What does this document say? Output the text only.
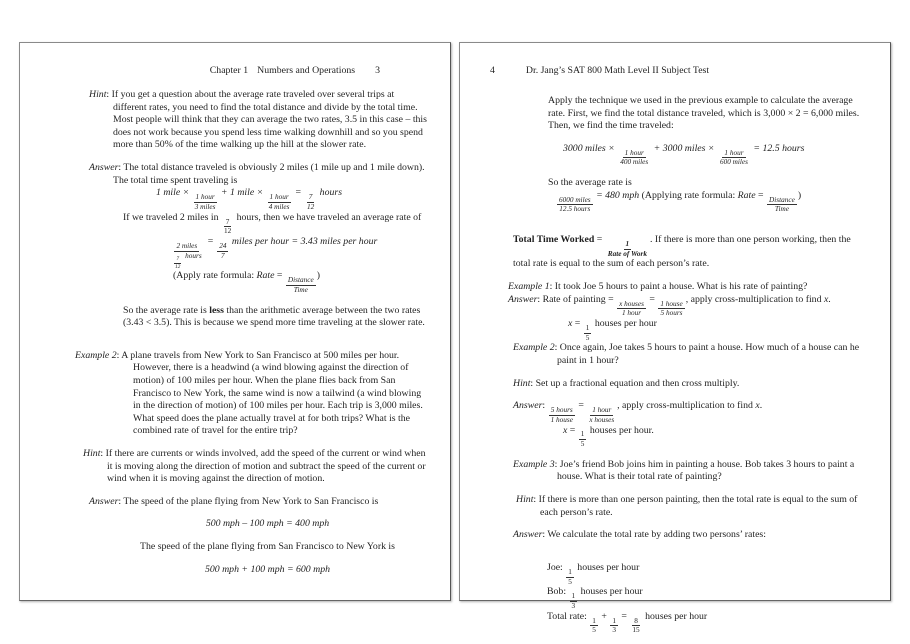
Chapter 1 Numbers and Operations 3
Hint: If you get a question about the average rate traveled over several trips at different rates, you need to find the total distance and divide by the total time. Most people will think that they can average the two rates, 3.5 in this case – this does not work because you spend less time walking downhill and so you spend more than 50% of the time walking up the hill at the slower rate.
Answer: The total distance traveled is obviously 2 miles (1 mile up and 1 mile down). The total time spent traveling is
1 mile ×
$\frac{\text{1 hour}}{\text{3 miles}}$
+ 1 mile ×
$\frac{\text{1 hour}}{\text{4 miles}}$
=
$\frac{7}{12}$
hours
If we traveled 2 miles in
$\frac{7}{12}$
hours, then we have traveled an average rate of
2 miles
$\frac{7}{12}$
hours
=
$\frac{24}{7}$
miles per hour = 3.43 miles per hour
(Apply rate formula: Rate =
$\frac{\text{Distance}}{\text{Time}}$
)
So the average rate is less than the arithmetic average between the two rates (3.43 < 3.5). This is because we spend more time traveling at the slower rate.
Example 2: A plane travels from New York to San Francisco at 500 miles per hour. However, there is a headwind (a wind blowing against the direction of motion) of 100 miles per hour. When the plane flies back from San Francisco to New York, the same wind is now a tailwind (a wind blowing in the direction of motion) of 100 miles per hour. Each trip is 3,000 miles. What speed does the plane actually travel at for both trips? What is the combined rate of travel for the entire trip?
Hint: If there are currents or winds involved, add the speed of the current or wind when it is moving along the direction of motion and subtract the speed of the current or wind when it is moving against the direction of motion.
Answer: The speed of the plane flying from New York to San Francisco is
500 mph – 100 mph = 400 mph
The speed of the plane flying from San Francisco to New York is
500 mph + 100 mph = 600 mph
4	Dr. Jang’s SAT 800 Math Level II Subject Test
Apply the technique we used in the previous example to calculate the average rate. First, we find the total distance traveled, which is 3,000 × 2 = 6,000 miles. Then, we find the time traveled:
3000 miles ×
$\frac{\text{1 hour}}{\text{400 miles}}$
+ 3000 miles ×
$\frac{\text{1 hour}}{\text{600 miles}}$
= 12.5 hours
So the average rate is
$\frac{\text{6000 miles}}{\text{12.5 hours}}$
= 480 mph (Applying rate formula: Rate =
$\frac{\text{Distance}}{\text{Time}}$
)
Total Time Worked =
$\frac{1}{\text{Rate of Work}}$
. If there is more than one person working, then the total rate is equal to the sum of each person’s rate.
Example 1: It took Joe 5 hours to paint a house. What is his rate of painting?
Answer: Rate of painting =
$\frac{\text{x houses}}{\text{1 hour}}$
=
$\frac{\text{1 house}}{\text{5 hours}}$
, apply cross-multiplication to find x.
x =
$\frac{1}{5}$
houses per hour
Example 2: Once again, Joe takes 5 hours to paint a house. How much of a house can he paint in 1 hour?
Hint: Set up a fractional equation and then cross multiply.
Answer:
$\frac{\text{5 hours}}{\text{1 house}}$
=
$\frac{\text{1 hour}}{\text{x houses}}$
, apply cross-multiplication to find x.
x =
$\frac{1}{5}$
houses per hour.
Example 3: Joe’s friend Bob joins him in painting a house. Bob takes 3 hours to paint a house. What is their total rate of painting?
Hint: If there is more than one person painting, then the total rate is equal to the sum of each person’s rate.
Answer: We calculate the total rate by adding two persons’ rates:
Joe:
$\frac{1}{5}$
houses per hour
Bob:
$\frac{1}{3}$
houses per hour
Total rate:
$\frac{1}{5}$
+
$\frac{1}{3}$
=
$\frac{8}{15}$
houses per hour
